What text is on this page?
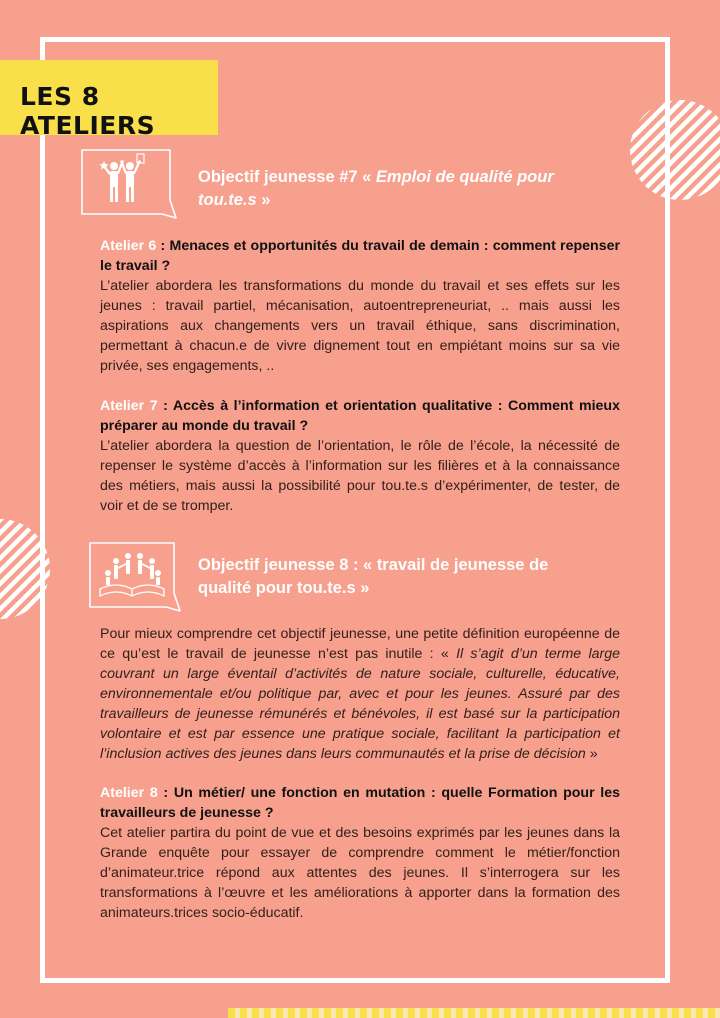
LES 8 ATELIERS
Objectif jeunesse #7 « Emploi de qualité pour tou.te.s »

Atelier 6 : Menaces et opportunités du travail de demain : comment repenser le travail ?

L’atelier abordera les transformations du monde du travail et ses effets sur les jeunes : travail partiel, mécanisation, autoentrepreneuriat, .. mais aussi les aspirations aux changements vers un travail éthique, sans discrimination, permettant à chacun.e de vivre dignement tout en empiétant moins sur sa vie privée, ses engagements, ..

Atelier 7 : Accès à l’information et orientation qualitative : Comment mieux préparer au monde du travail ?

L’atelier abordera la question de l’orientation, le rôle de l’école, la nécessité de repenser le système d’accès à l’information sur les filières et à la connaissance des métiers, mais aussi la possibilité pour tou.te.s d’expérimenter, de tester, de voir et de se tromper.

Objectif jeunesse 8 : « travail de jeunesse de qualité pour tou.te.s »

Pour mieux comprendre cet objectif jeunesse, une petite définition européenne de ce qu’est le travail de jeunesse n’est pas inutile : « Il s’agit d’un terme large couvrant un large éventail d’activités de nature sociale, culturelle, éducative, environnementale et/ou politique par, avec et pour les jeunes. Assuré par des travailleurs de jeunesse rémunérés et bénévoles, il est basé sur la participation volontaire et est par essence une pratique sociale, facilitant la participation et l’inclusion actives des jeunes dans leurs communautés et la prise de décision »

Atelier 8 : Un métier/ une fonction en mutation : quelle Formation pour les travailleurs de jeunesse ?

Cet atelier partira du point de vue et des besoins exprimés par les jeunes dans la Grande enquête pour essayer de comprendre comment le métier/fonction d’animateur.trice répond aux attentes des jeunes. Il s’interrogera sur les transformations à l’œuvre et les améliorations à apporter dans la formation des animateurs.trices socio-éducatif.
